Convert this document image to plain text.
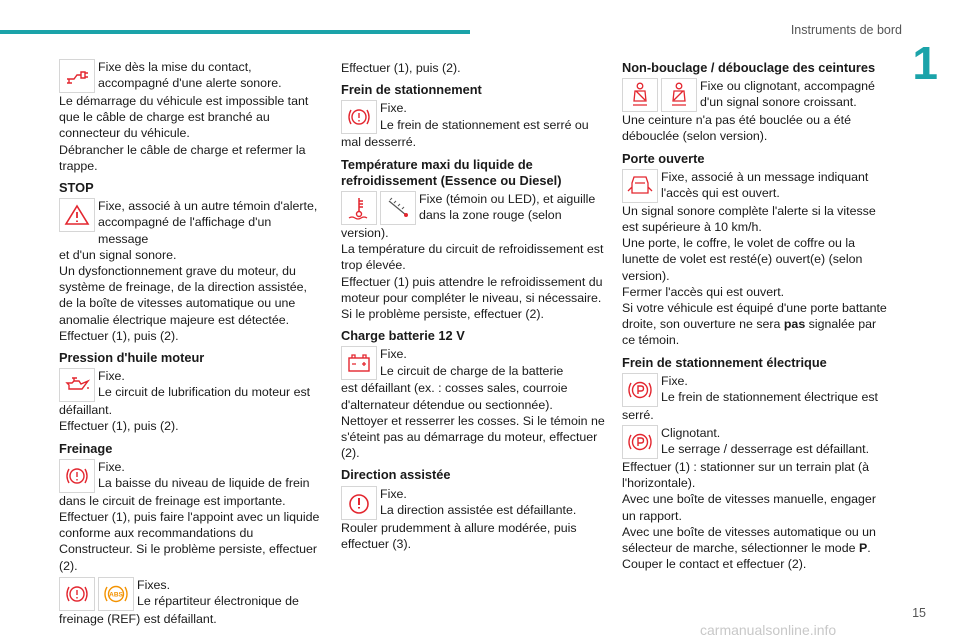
Instruments de bord
1
15
carmanualsonline.info

Fixe dès la mise du contact, accompagné d'une alerte sonore.

Le démarrage du véhicule est impossible tant que le câble de charge est branché au connecteur du véhicule.
Débrancher le câble de charge et refermer la trappe.

STOP

Fixe, associé à un autre témoin d'alerte, accompagné de l'affichage d'un message

et d'un signal sonore.
Un dysfonctionnement grave du moteur, du système de freinage, de la direction assistée, de la boîte de vitesses automatique ou une anomalie électrique majeure est détectée.
Effectuer (1), puis (2).

Pression d'huile moteur

Fixe.
Le circuit de lubrification du moteur est

défaillant.
Effectuer (1), puis (2).

Freinage

Fixe.
La baisse du niveau de liquide de frein

dans le circuit de freinage est importante.
Effectuer (1), puis faire l'appoint avec un liquide conforme aux recommandations du Constructeur. Si le problème persiste, effectuer (2).

ABS

Fixes.
Le répartiteur électronique de

freinage (REF) est défaillant.

Effectuer (1), puis (2).

Frein de stationnement

Fixe.
Le frein de stationnement est serré ou

mal desserré.

Température maxi du liquide de refroidissement (Essence ou Diesel)

Fixe (témoin ou LED), et aiguille dans la zone rouge (selon

version).
La température du circuit de refroidissement est trop élevée.
Effectuer (1) puis attendre le refroidissement du moteur pour compléter le niveau, si nécessaire. Si le problème persiste, effectuer (2).

Charge batterie 12 V

Fixe.
Le circuit de charge de la batterie

est défaillant (ex. : cosses sales, courroie d'alternateur détendue ou sectionnée).
Nettoyer et resserrer les cosses. Si le témoin ne s'éteint pas au démarrage du moteur, effectuer (2).

Direction assistée

Fixe.
La direction assistée est défaillante.

Rouler prudemment à allure modérée, puis effectuer (3).

Non-bouclage / débouclage des ceintures

Fixe ou clignotant, accompagné d'un signal sonore croissant.

Une ceinture n'a pas été bouclée ou a été débouclée (selon version).

Porte ouverte

Fixe, associé à un message indiquant l'accès qui est ouvert.

Un signal sonore complète l'alerte si la vitesse est supérieure à 10 km/h.
Une porte, le coffre, le volet de coffre ou la lunette de volet est resté(e) ouvert(e) (selon version).
Fermer l'accès qui est ouvert.

Si votre véhicule est équipé d'une porte battante droite, son ouverture ne sera pas signalée par ce témoin.

Frein de stationnement électrique

Fixe.
Le frein de stationnement électrique est

serré.

Clignotant.
Le serrage / desserrage est défaillant.

Effectuer (1) : stationner sur un terrain plat (à l'horizontale).
Avec une boîte de vitesses manuelle, engager un rapport.

Avec une boîte de vitesses automatique ou un sélecteur de marche, sélectionner le mode P.

Couper le contact et effectuer (2).
